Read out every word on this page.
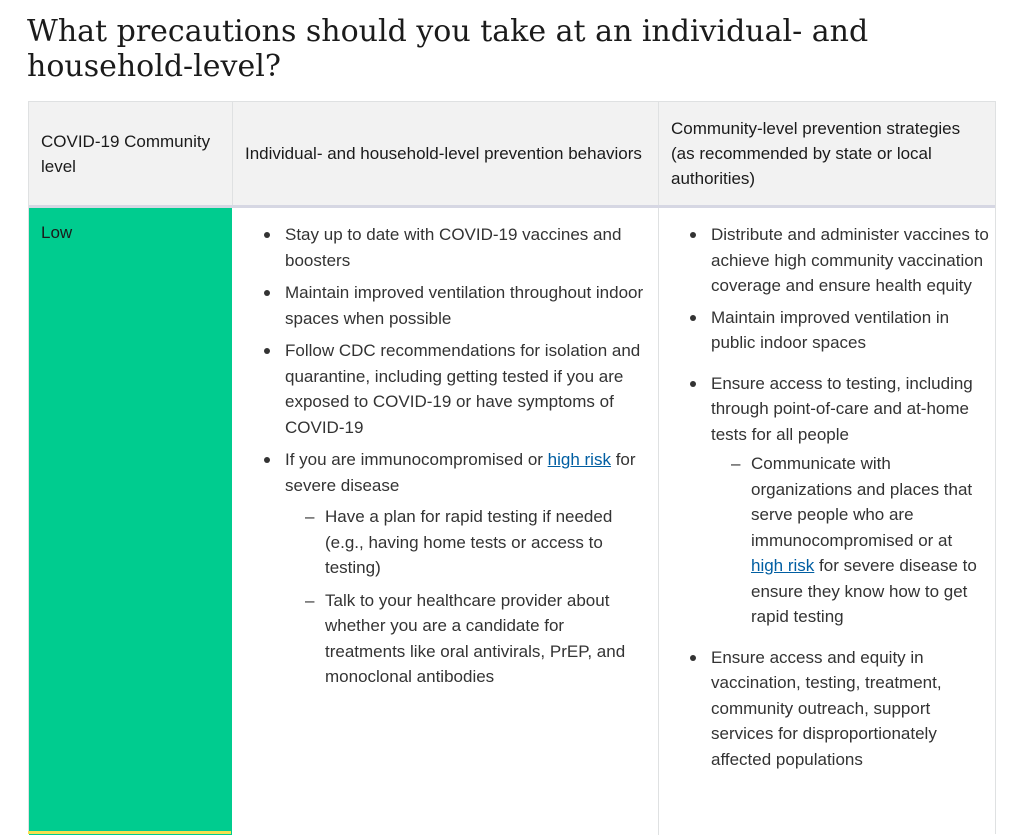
What precautions should you take at an individual- and household-level?
COVID-19 Community level
Individual- and household-level prevention behaviors
Community-level prevention strategies (as recommended by state or local authorities)
Low	Stay up to date with COVID-19 vaccines and boosters
Maintain improved ventilation throughout indoor spaces when possible
Follow CDC recommendations for isolation and quarantine, including getting tested if you are exposed to COVID-19 or have symptoms of COVID-19
If you are immunocompromised or high risk for severe disease
– Have a plan for rapid testing if needed (e.g., having home tests or access to testing)
– Talk to your healthcare provider about whether you are a candidate for treatments like oral antivirals, PrEP, and monoclonal antibodies
Distribute and administer vaccines to achieve high community vaccination coverage and ensure health equity
Maintain improved ventilation in public indoor spaces
Ensure access to testing, including through point-of-care and at-home tests for all people
– Communicate with organizations and places that serve people who are immunocompromised or at high risk for severe disease to ensure they know how to get rapid testing
Ensure access and equity in vaccination, testing, treatment, community outreach, support services for disproportionately affected populations
